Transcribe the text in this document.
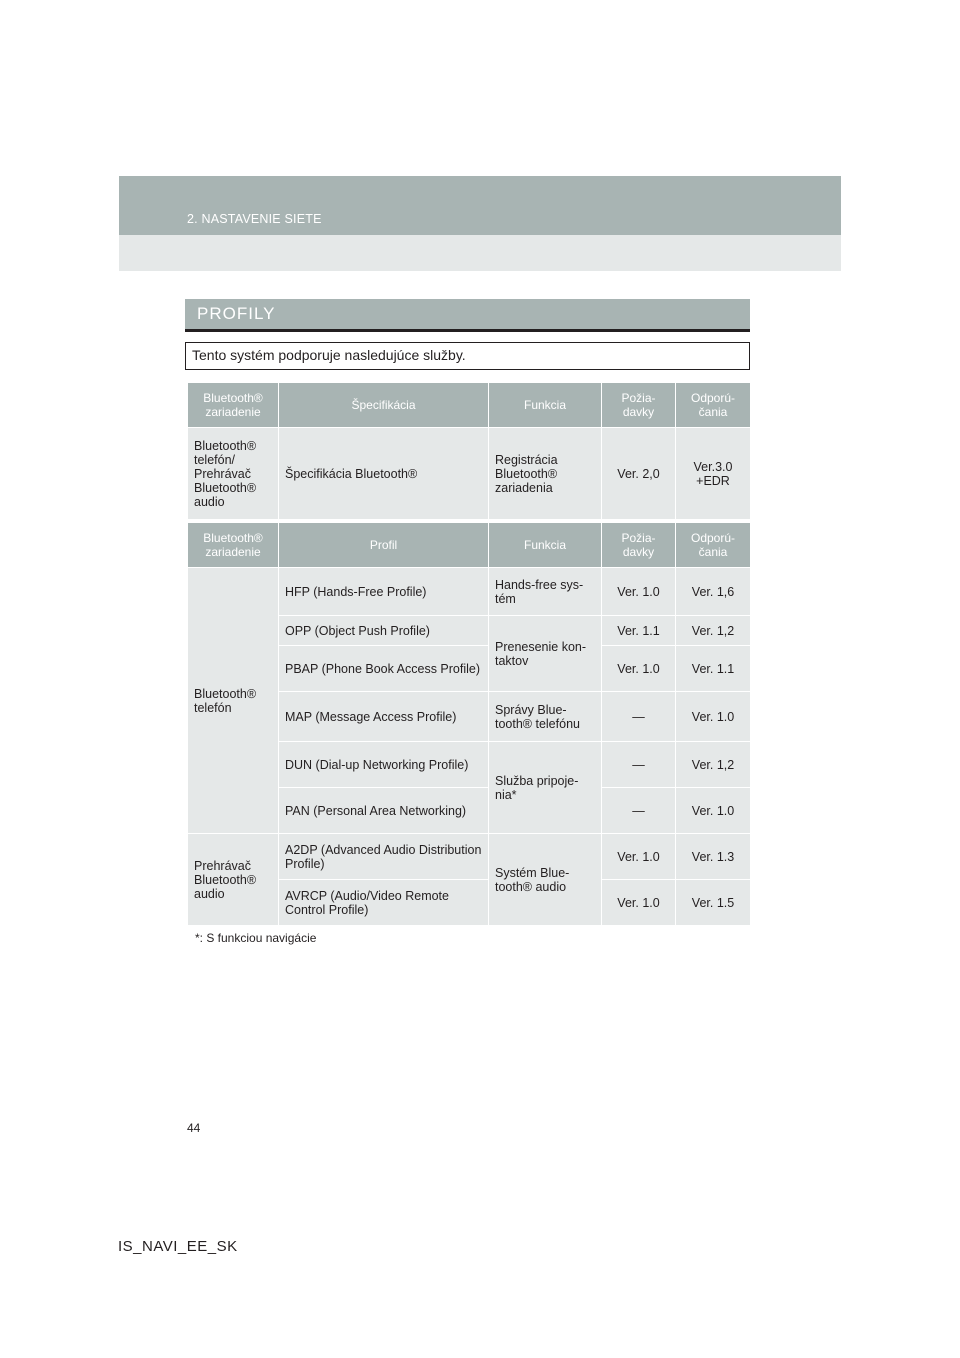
2. NASTAVENIE SIETE
PROFILY
Tento systém podporuje nasledujúce služby.
Bluetooth® zariadenie	Špecifikácia	Funkcia	Požia- davky	Odporú- čania
Bluetooth® telefón/ Prehrávač Bluetooth® audio	Špecifikácia Bluetooth®	Registrácia Bluetooth® zariadenia	Ver. 2,0	Ver.3.0 +EDR
Bluetooth® zariadenie	Profil	Funkcia	Požia- davky	Odporú- čania
Bluetooth® telefón	HFP (Hands-Free Profile)	Hands-free sys- tém	Ver. 1.0	Ver. 1,6
	OPP (Object Push Profile)	Prenesenie kon- taktov	Ver. 1.1	Ver. 1,2
	PBAP (Phone Book Access Profile)		Ver. 1.0	Ver. 1.1
	MAP (Message Access Profile)	Správy Blue- tooth® telefónu	—	Ver. 1.0
	DUN (Dial-up Networking Profile)	Služba pripoje- nia*	—	Ver. 1,2
	PAN (Personal Area Networking)		—	Ver. 1.0
Prehrávač Bluetooth® audio	A2DP (Advanced Audio Distribution Profile)	Systém Blue- tooth® audio	Ver. 1.0	Ver. 1.3
	AVRCP (Audio/Video Remote Control Profile)		Ver. 1.0	Ver. 1.5
*: S funkciou navigácie
44
IS_NAVI_EE_SK
